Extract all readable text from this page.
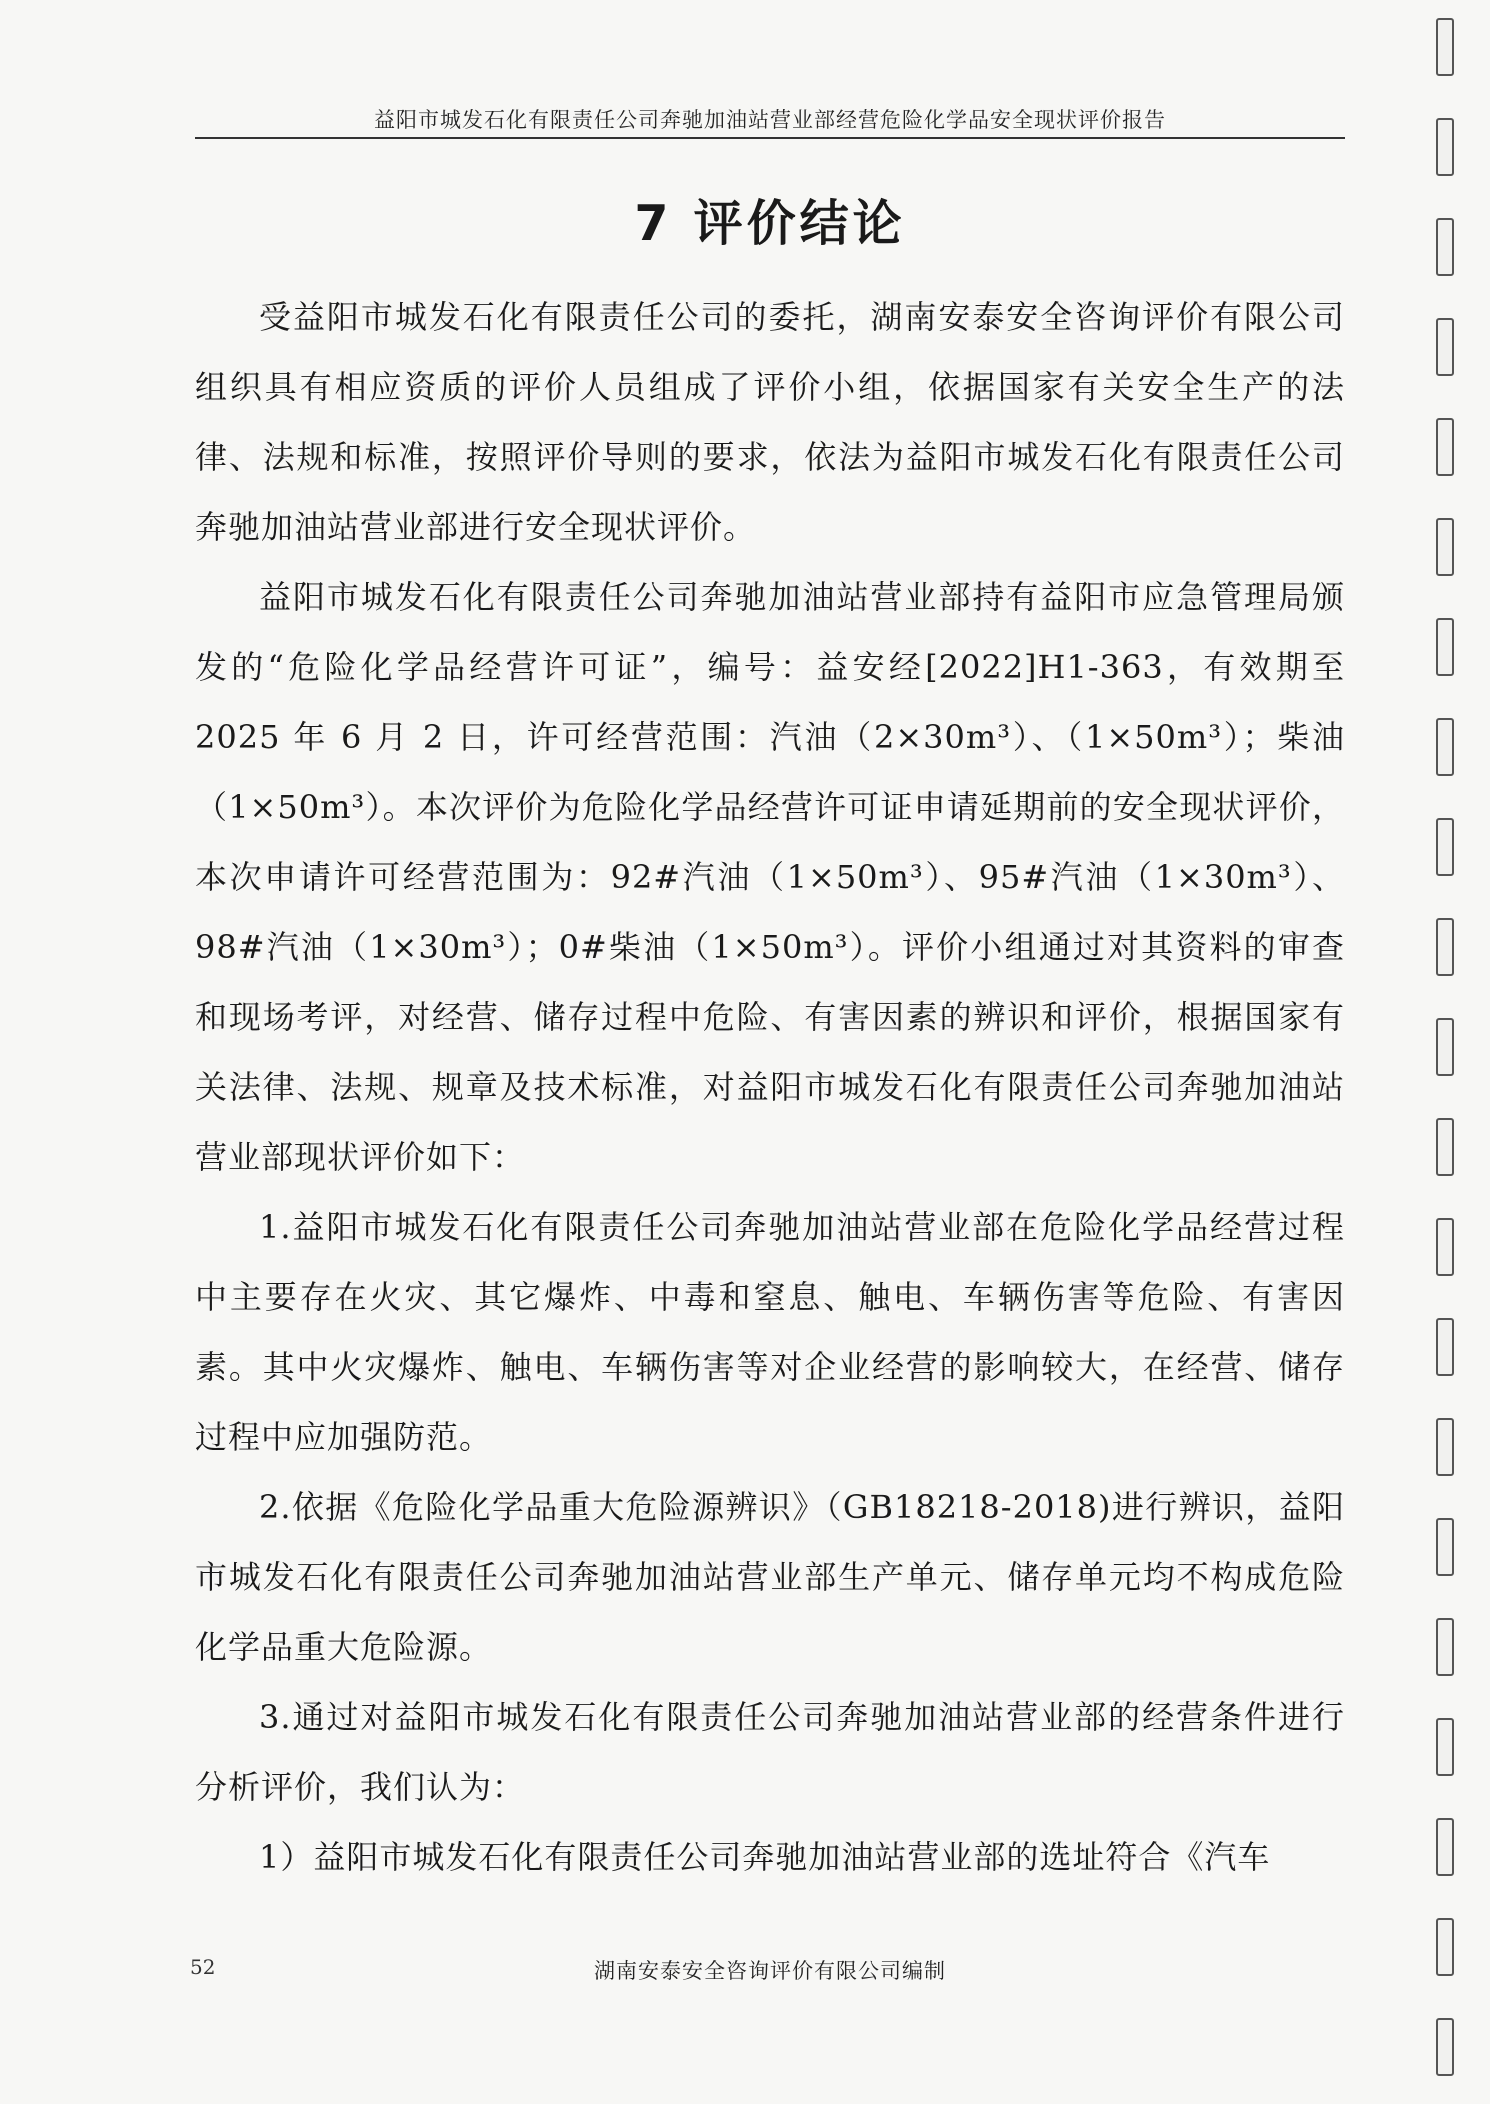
益阳市城发石化有限责任公司奔驰加油站营业部经营危险化学品安全现状评价报告
7 评价结论

受益阳市城发石化有限责任公司的委托，湖南安泰安全咨询评价有限公司组织具有相应资质的评价人员组成了评价小组，依据国家有关安全生产的法律、法规和标准，按照评价导则的要求，依法为益阳市城发石化有限责任公司奔驰加油站营业部进行安全现状评价。

益阳市城发石化有限责任公司奔驰加油站营业部持有益阳市应急管理局颁发的“危险化学品经营许可证”，编号：益安经[2022]H1-363，有效期至 2025 年 6 月 2 日，许可经营范围：汽油（2×30m³）、（1×50m³）；柴油（1×50m³）。本次评价为危险化学品经营许可证申请延期前的安全现状评价，本次申请许可经营范围为：92#汽油（1×50m³）、95#汽油（1×30m³）、98#汽油（1×30m³）；0#柴油（1×50m³）。评价小组通过对其资料的审查和现场考评，对经营、储存过程中危险、有害因素的辨识和评价，根据国家有关法律、法规、规章及技术标准，对益阳市城发石化有限责任公司奔驰加油站营业部现状评价如下：

1.益阳市城发石化有限责任公司奔驰加油站营业部在危险化学品经营过程中主要存在火灾、其它爆炸、中毒和窒息、触电、车辆伤害等危险、有害因素。其中火灾爆炸、触电、车辆伤害等对企业经营的影响较大，在经营、储存过程中应加强防范。

2.依据《危险化学品重大危险源辨识》（GB18218-2018)进行辨识，益阳市城发石化有限责任公司奔驰加油站营业部生产单元、储存单元均不构成危险化学品重大危险源。

3.通过对益阳市城发石化有限责任公司奔驰加油站营业部的经营条件进行分析评价，我们认为：

1）益阳市城发石化有限责任公司奔驰加油站营业部的选址符合《汽车

52	湖南安泰安全咨询评价有限公司编制
